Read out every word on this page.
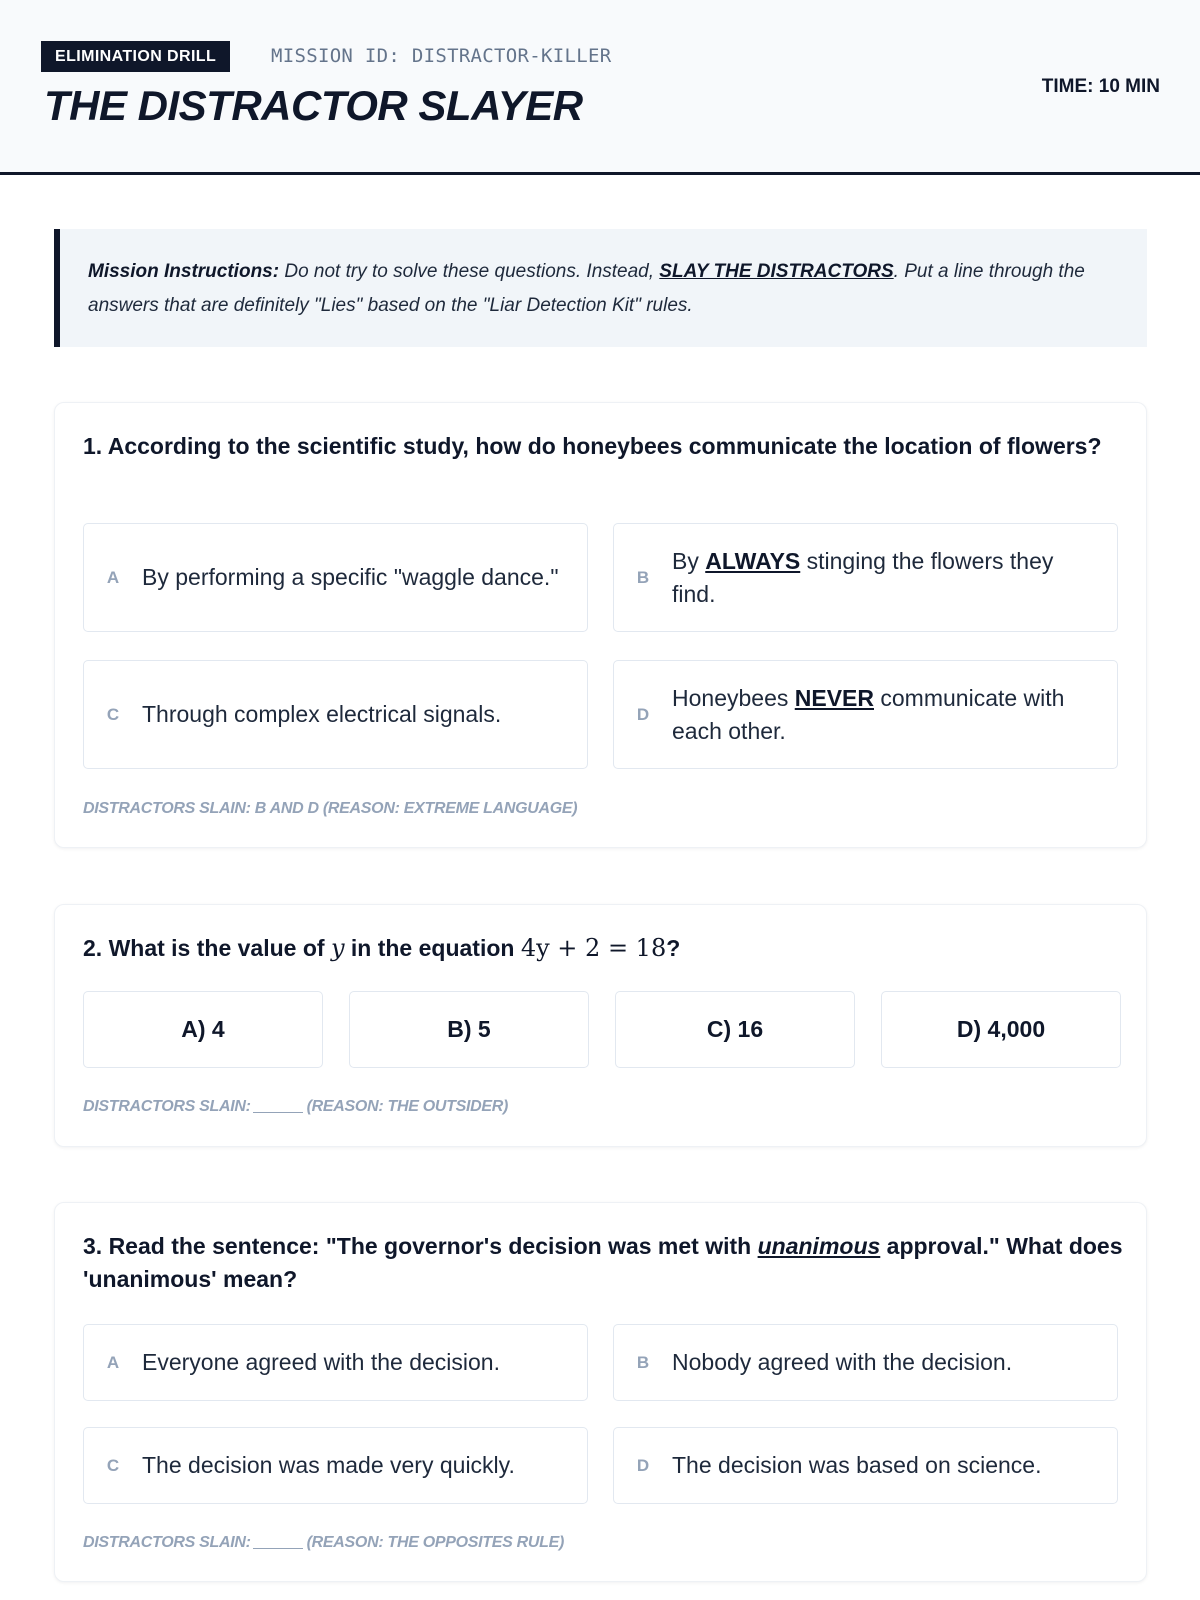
ELIMINATION DRILL	MISSION ID: DISTRACTOR-KILLER
THE DISTRACTOR SLAYER	TIME: 10 MIN
Mission Instructions: Do not try to solve these questions. Instead, SLAY THE DISTRACTORS. Put a line through the answers that are definitely "Lies" based on the "Liar Detection Kit" rules.
1. According to the scientific study, how do honeybees communicate the location of flowers?
A By performing a specific "waggle dance."	B
By ALWAYS stinging the flowers they find.
C Through complex electrical signals.	D
Honeybees NEVER communicate with each other.
DISTRACTORS SLAIN: B AND D (REASON: EXTREME LANGUAGE)
2. What is the value of y in the equation 4y + 2 = 18?
A) 4	B) 5	C) 16	D) 4,000
DISTRACTORS SLAIN:	(REASON: THE OUTSIDER)
3. Read the sentence: "The governor's decision was met with unanimous approval." What does 'unanimous' mean?
A Everyone agreed with the decision.	B Nobody agreed with the decision.
C The decision was made very quickly.	D The decision was based on science.
DISTRACTORS SLAIN:	(REASON: THE OPPOSITES RULE)
